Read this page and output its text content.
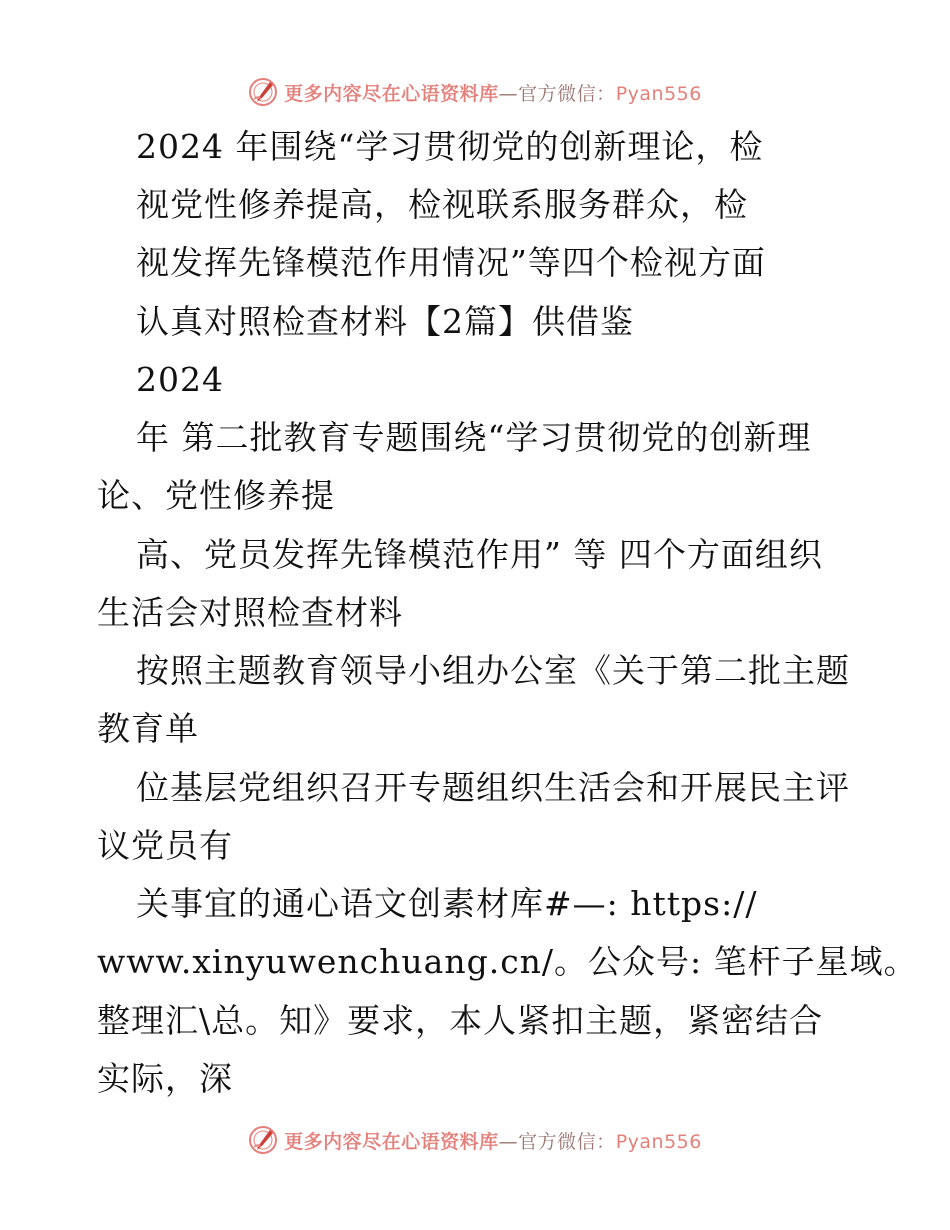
更多内容尽在心语资料库—官方微信：Pyan556
2024 年围绕“学习贯彻党的创新理论，检
视党性修养提高，检视联系服务群众，检
视发挥先锋模范作用情况”等四个检视方面
认真对照检查材料【2篇】供借鉴
2024
年 第二批教育专题围绕“学习贯彻党的创新理
论、党性修养提
高、党员发挥先锋模范作用” 等 四个方面组织
生活会对照检查材料
按照主题教育领导小组办公室《关于第二批主题
教育单
位基层党组织召开专题组织生活会和开展民主评
议党员有
关事宜的通心语文创素材库#—: https://
www.xinyuwenchuang.cn/。公众号: 笔杆子星域。
整理汇\总。知》要求，本人紧扣主题，紧密结合
实际，深
更多内容尽在心语资料库—官方微信：Pyan556
